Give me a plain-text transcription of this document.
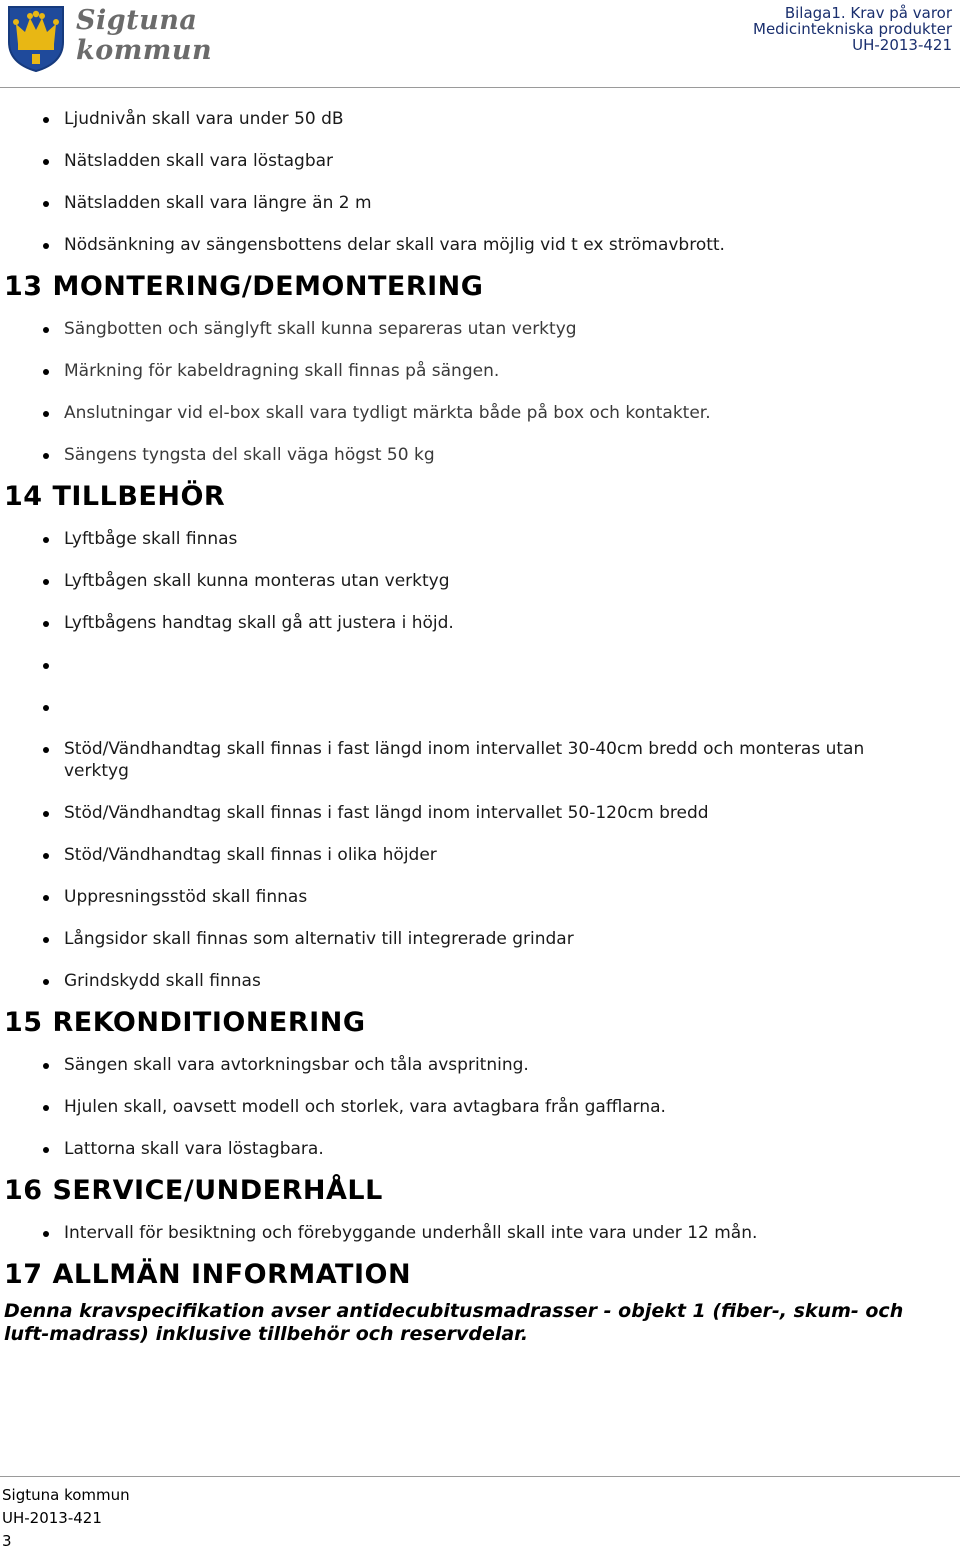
Sigtuna
kommun
Bilaga1. Krav på varor
Medicintekniska produkter
UH-2013-421
Ljudnivån skall vara under 50 dB
Nätsladden skall vara löstagbar
Nätsladden skall vara längre än 2 m
Nödsänkning av sängensbottens delar skall vara möjlig vid t ex strömavbrott.
13 MONTERING/DEMONTERING
Sängbotten och sänglyft skall kunna separeras utan verktyg
Märkning för kabeldragning skall finnas på sängen.
Anslutningar vid el-box skall vara tydligt märkta både på box och kontakter.
Sängens tyngsta del skall väga högst 50 kg
14 TILLBEHÖR
Lyftbåge skall finnas
Lyftbågen skall kunna monteras utan verktyg
Lyftbågens handtag skall gå att justera i höjd.
Stöd/Vändhandtag skall finnas i fast längd inom intervallet 30-40cm bredd och monteras utan verktyg
Stöd/Vändhandtag skall finnas i fast längd inom intervallet 50-120cm bredd
Stöd/Vändhandtag skall finnas i olika höjder
Uppresningsstöd skall finnas
Långsidor skall finnas som alternativ till integrerade grindar
Grindskydd skall finnas
15 REKONDITIONERING
Sängen skall vara avtorkningsbar och tåla avspritning.
Hjulen skall, oavsett modell och storlek, vara avtagbara från gafflarna.
Lattorna skall vara löstagbara.
16 SERVICE/UNDERHÅLL
Intervall för besiktning och förebyggande underhåll skall inte vara under 12 mån.
17 ALLMÄN INFORMATION

Denna kravspecifikation avser antidecubitusmadrasser - objekt 1 (fiber-, skum- och luft-madrass) inklusive tillbehör och reservdelar.

Sigtuna kommun
UH-2013-421
3
